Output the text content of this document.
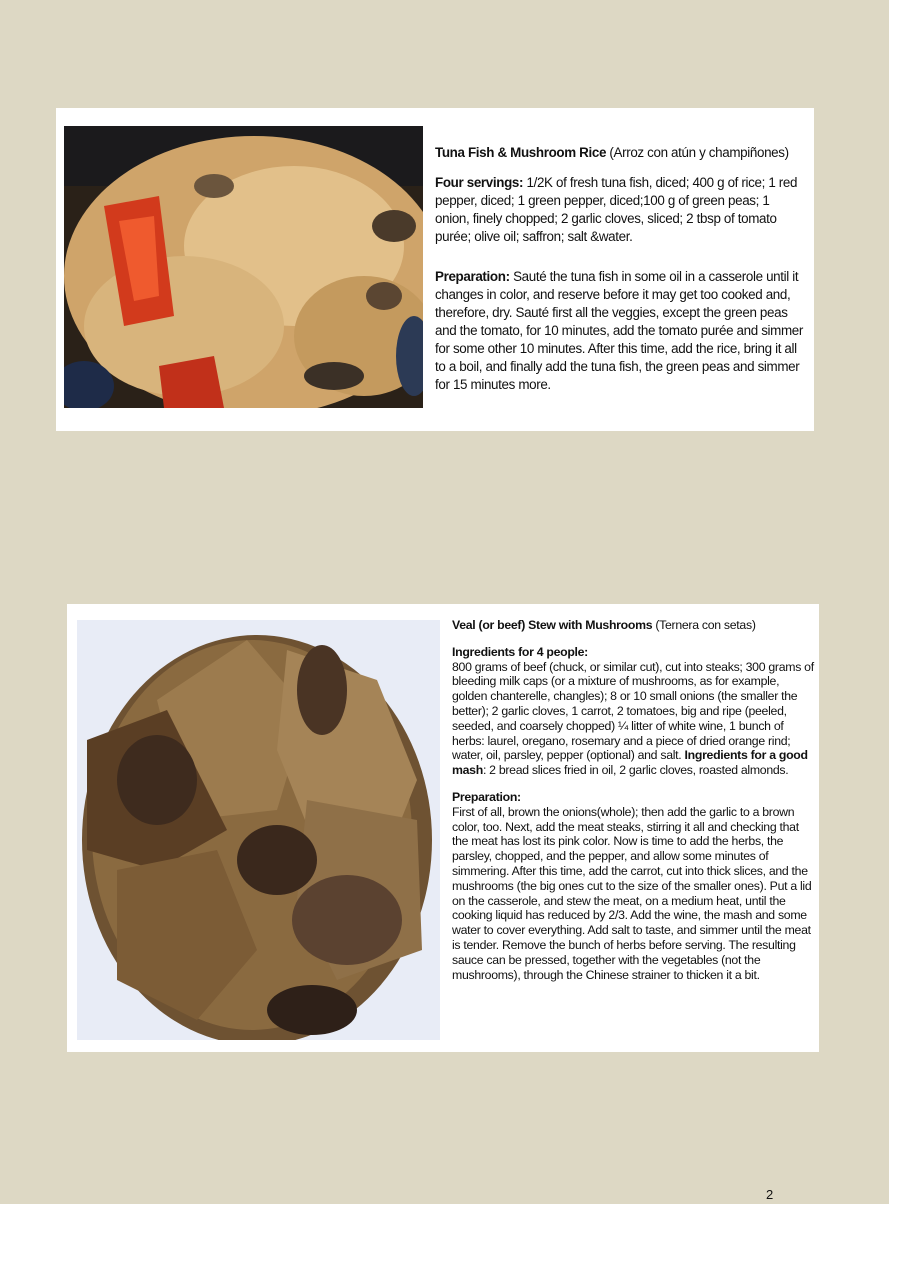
Tuna Fish & Mushroom Rice (Arroz con atún y champiñones)

Four servings: 1/2K of fresh tuna fish, diced; 400 g of rice; 1 red pepper, diced; 1 green pepper, diced;100 g of green peas; 1 onion, finely chopped; 2 garlic cloves, sliced; 2 tbsp of tomato purée; olive oil; saffron; salt &water.

Preparation: Sauté the tuna fish in some oil in a casserole until it changes in color, and reserve before it may get too cooked and, therefore, dry. Sauté first all the veggies, except the green peas and the tomato, for 10 minutes, add the tomato purée and simmer for some other 10 minutes. After this time, add the rice, bring it all to a boil, and finally add the tuna fish, the green peas and simmer for 15 minutes more.

Veal (or beef) Stew with Mushrooms (Ternera con setas)

Ingredients for 4 people:

800 grams of beef (chuck, or similar cut), cut into steaks; 300 grams of bleeding milk caps (or a mixture of mushrooms, as for example, golden chanterelle, changles); 8 or 10 small onions (the smaller the better); 2 garlic cloves, 1 carrot, 2 tomatoes, big and ripe (peeled, seeded, and coarsely chopped) ¼ litter of white wine, 1 bunch of herbs: laurel, oregano, rosemary and a piece of dried orange rind; water, oil, parsley, pepper (optional) and salt. Ingredients for a good mash: 2 bread slices fried in oil, 2 garlic cloves, roasted almonds.

Preparation:

First of all, brown the onions(whole); then add the garlic to a brown color, too. Next, add the meat steaks, stirring it all and checking that the meat has lost its pink color. Now is time to add the herbs, the parsley, chopped, and the pepper, and allow some minutes of simmering. After this time, add the carrot, cut into thick slices, and the mushrooms (the big ones cut to the size of the smaller ones). Put a lid on the casserole, and stew the meat, on a medium heat, until the cooking liquid has reduced by 2/3. Add the wine, the mash and some water to cover everything. Add salt to taste, and simmer until the meat is tender. Remove the bunch of herbs before serving. The resulting sauce can be pressed, together with the vegetables (not the mushrooms), through the Chinese strainer to thicken it a bit.

2
